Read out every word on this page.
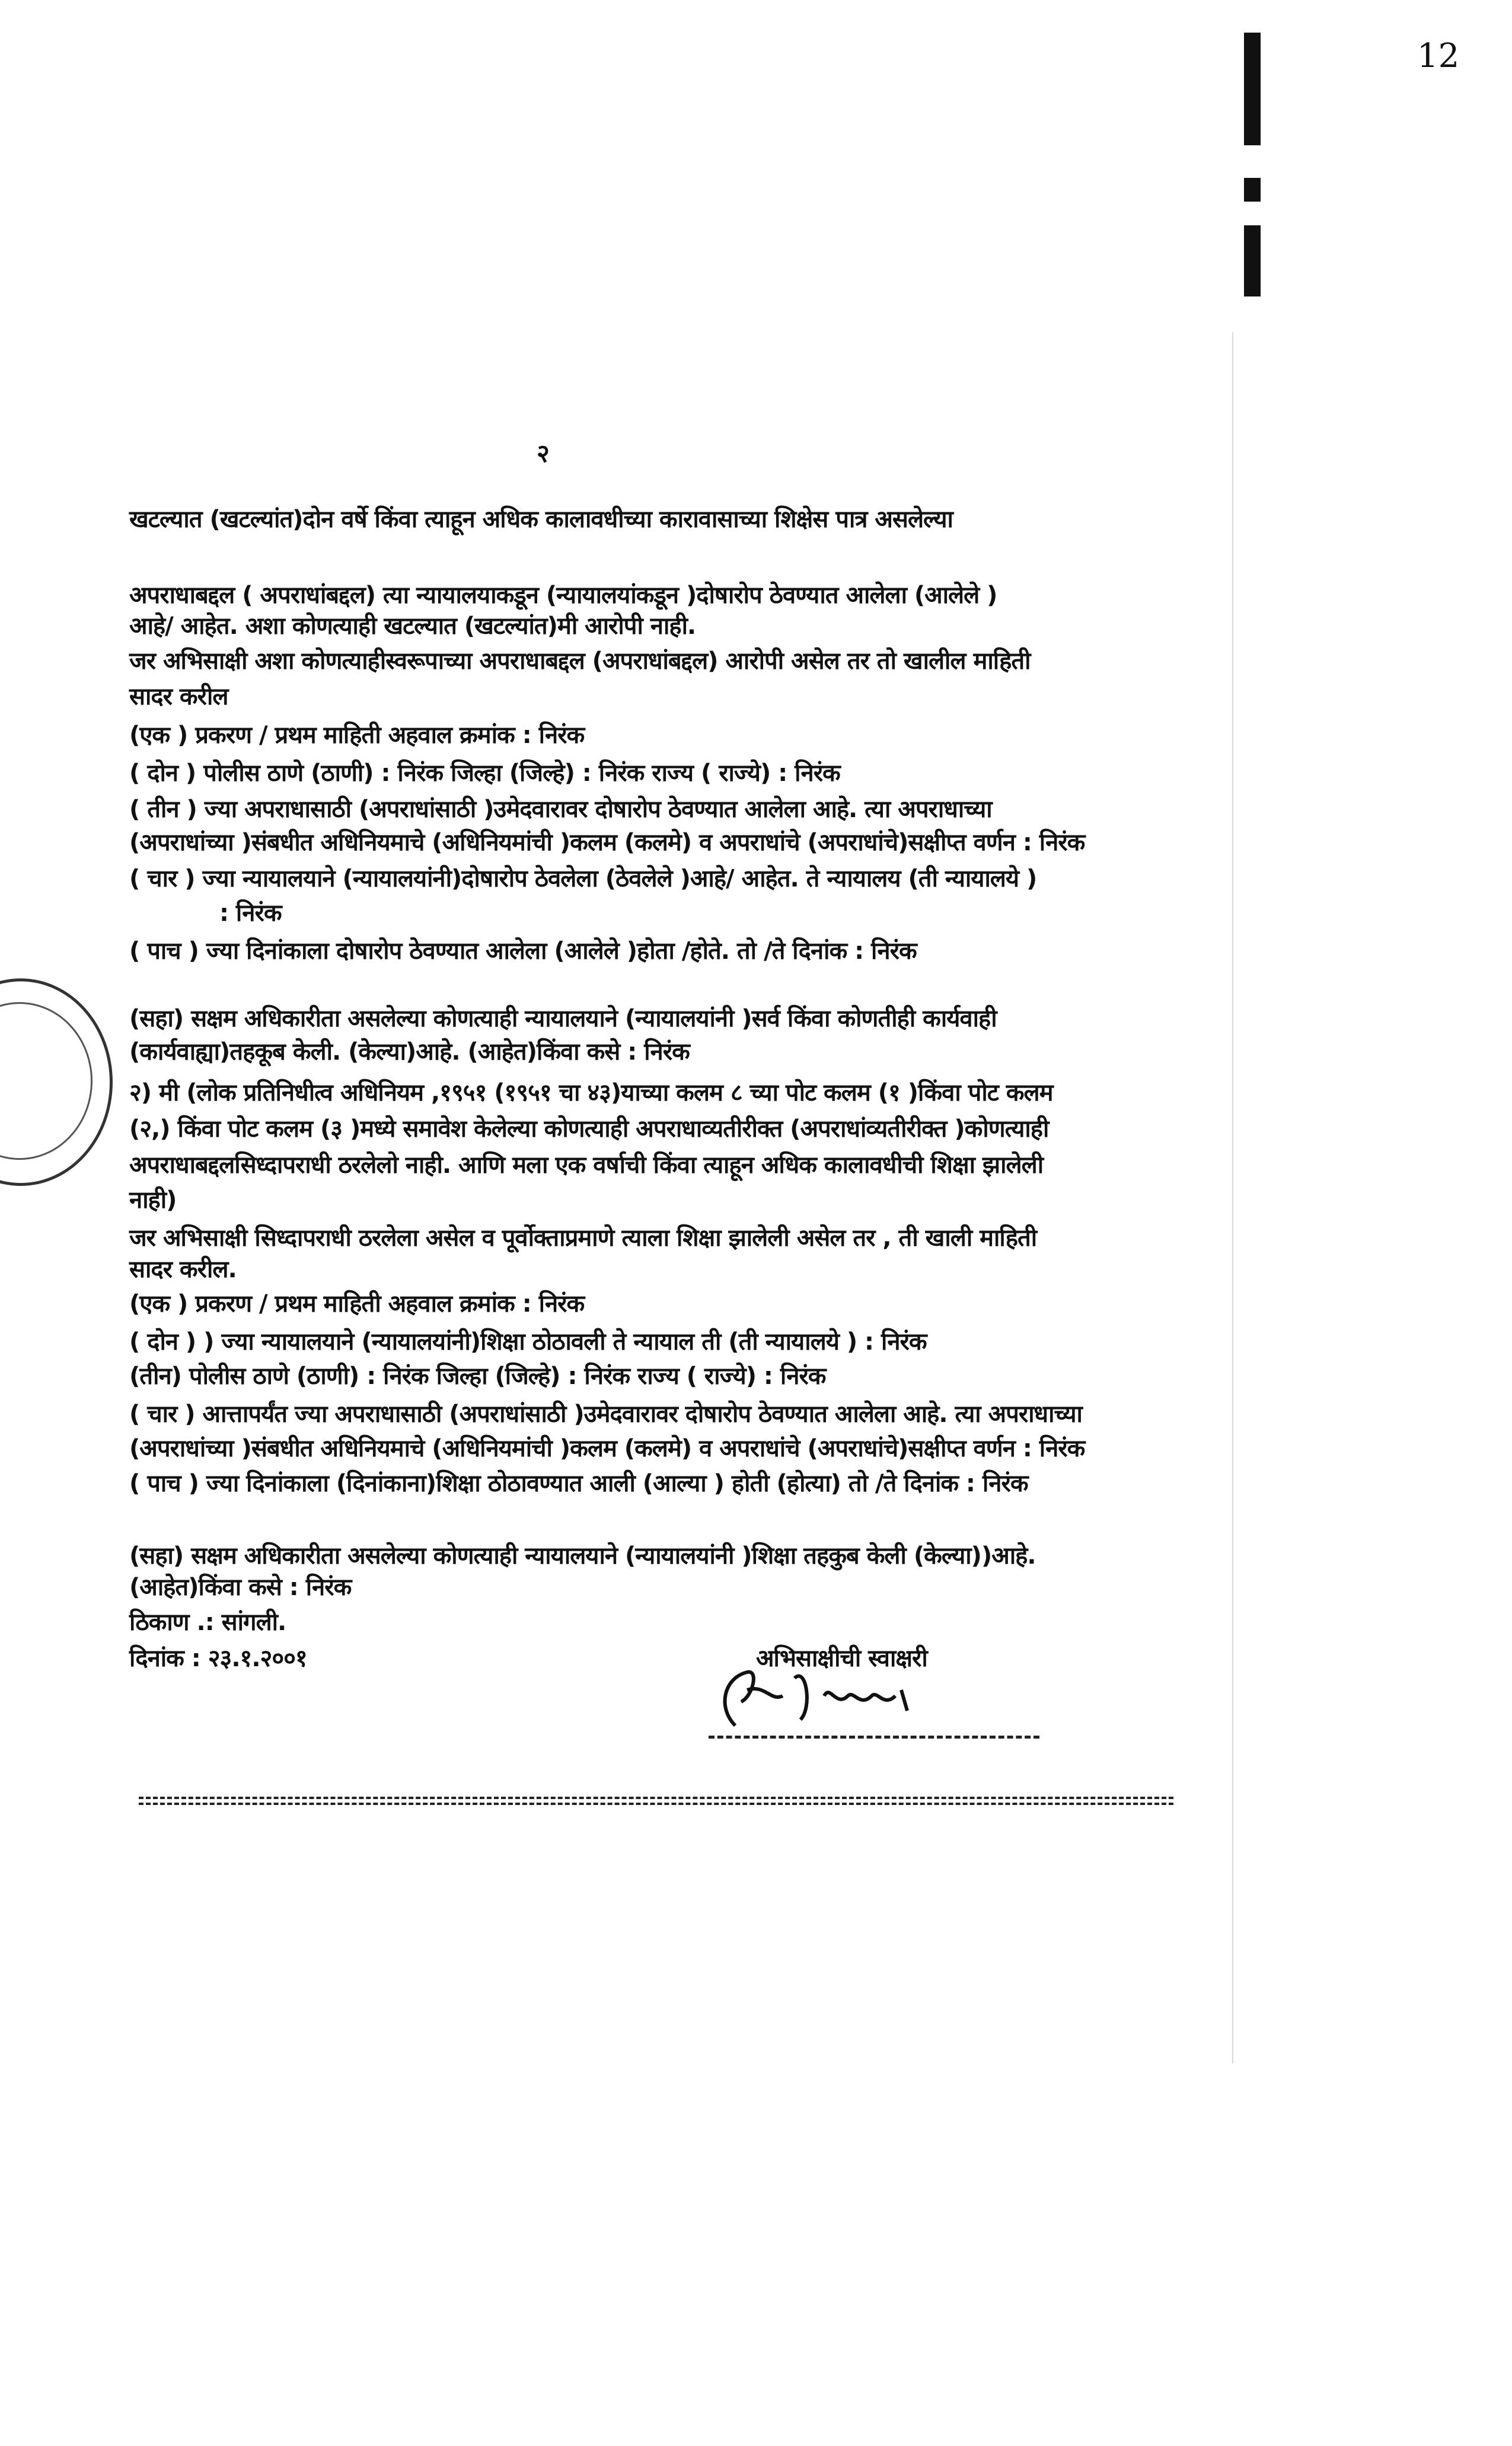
12
२
खटल्यात (खटल्यांत)दोन वर्षे किंवा त्याहून अधिक कालावधीच्या कारावासाच्या शिक्षेस पात्र असलेल्या
अपराधाबद्दल ( अपराधांबद्दल) त्या न्यायालयाकडून (न्यायालयांकडून )दोषारोप ठेवण्यात आलेला (आलेले )
आहे/ आहेत. अशा कोणत्याही खटल्यात (खटल्यांत)मी आरोपी नाही.
जर अभिसाक्षी अशा कोणत्याहीस्वरूपाच्या अपराधाबद्दल (अपराधांबद्दल) आरोपी असेल तर तो खालील माहिती
सादर करील
(एक ) प्रकरण / प्रथम माहिती अहवाल क्रमांक : निरंक
( दोन ) पोलीस ठाणे (ठाणी) : निरंक जिल्हा (जिल्हे) : निरंक राज्य ( राज्ये) : निरंक
( तीन ) ज्या अपराधासाठी (अपराधांसाठी )उमेदवारावर दोषारोप ठेवण्यात आलेला आहे. त्या अपराधाच्या
(अपराधांच्या )संबधीत अधिनियमाचे (अधिनियमांची )कलम (कलमे) व अपराधांचे (अपराधांचे)सक्षीप्त वर्णन : निरंक
( चार ) ज्या न्यायालयाने (न्यायालयांनी)दोषारोप ठेवलेला (ठेवलेले )आहे/ आहेत. ते न्यायालय (ती न्यायालये )
: निरंक
( पाच ) ज्या दिनांकाला दोषारोप ठेवण्यात आलेला (आलेले )होता /होते. तो /ते दिनांक : निरंक
(सहा) सक्षम अधिकारीता असलेल्या कोणत्याही न्यायालयाने (न्यायालयांनी )सर्व किंवा कोणतीही कार्यवाही
(कार्यवाह्या)तहकूब केली. (केल्या)आहे. (आहेत)किंवा कसे : निरंक
२) मी (लोक प्रतिनिधीत्व अधिनियम ,१९५१ (१९५१ चा ४३)याच्या कलम ८ च्या पोट कलम (१ )किंवा पोट कलम
(२,) किंवा पोट कलम (३ )मध्ये समावेश केलेल्या कोणत्याही अपराधाव्यतीरीक्त (अपराधांव्यतीरीक्त )कोणत्याही
अपराधाबद्दलसिध्दापराधी ठरलेलो नाही. आणि मला एक वर्षाची किंवा त्याहून अधिक कालावधीची शिक्षा झालेली
नाही)
जर अभिसाक्षी सिध्दापराधी ठरलेला असेल व पूर्वोक्ताप्रमाणे त्याला शिक्षा झालेली असेल तर , ती खाली माहिती
सादर करील.
(एक ) प्रकरण / प्रथम माहिती अहवाल क्रमांक : निरंक
( दोन ) ) ज्या न्यायालयाने (न्यायालयांनी)शिक्षा ठोठावली ते न्यायाल ती (ती न्यायालये ) : निरंक
(तीन) पोलीस ठाणे (ठाणी) : निरंक जिल्हा (जिल्हे) : निरंक राज्य ( राज्ये) : निरंक
( चार ) आत्तापर्यंत ज्या अपराधासाठी (अपराधांसाठी )उमेदवारावर दोषारोप ठेवण्यात आलेला आहे. त्या अपराधाच्या
(अपराधांच्या )संबधीत अधिनियमाचे (अधिनियमांची )कलम (कलमे) व अपराधांचे (अपराधांचे)सक्षीप्त वर्णन : निरंक
( पाच ) ज्या दिनांकाला (दिनांकाना)शिक्षा ठोठावण्यात आली (आल्या ) होती (होत्या) तो /ते दिनांक : निरंक
(सहा) सक्षम अधिकारीता असलेल्या कोणत्याही न्यायालयाने (न्यायालयांनी )शिक्षा तहकुब केली (केल्या))आहे.
(आहेत)किंवा कसे : निरंक
ठिकाण .: सांगली.
दिनांक : २३.१.२००१	अभिसाक्षीची स्वाक्षरी
